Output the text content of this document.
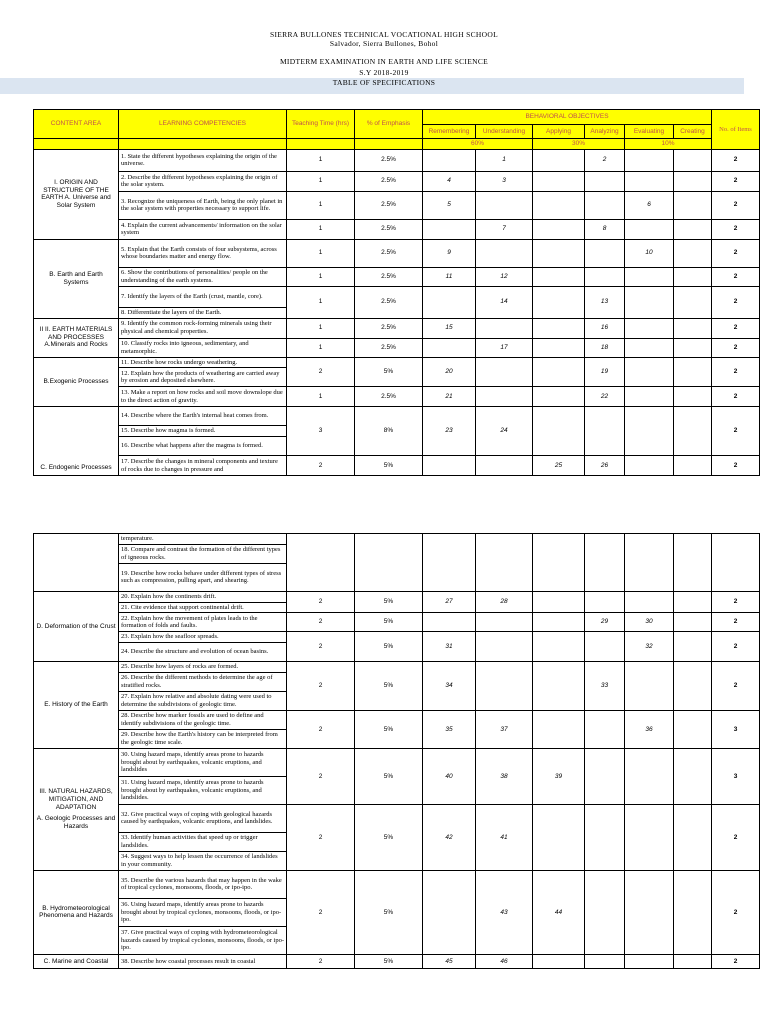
SIERRA BULLONES TECHNICAL VOCATIONAL HIGH SCHOOL
Salvador, Sierra Bullones, Bohol
MIDTERM EXAMINATION IN EARTH AND LIFE SCIENCE
S.Y 2018-2019
TABLE OF SPECIFICATIONS
CONTENT AREA	LEARNING COMPETENCIES	Teaching Time (hrs)	% of Emphasis	BEHAVIORAL OBJECTIVES						No. of Items
				Remembering	Understanding	Applying	Analyzing	Evaluating	Creating	
				60%		30%		10%		
I. ORIGIN AND STRUCTURE OF THE EARTH A. Universe and Solar System	1. State the different hypotheses explaining the origin of the universe.	1	2.5%		1		2			2
	2. Describe the different hypotheses explaining the origin of the solar system.	1	2.5%	4	3					2
	3. Recognize the uniqueness of Earth, being the only planet in the solar system with properties necessary to support life.	1	2.5%	5				6		2
	4. Explain the current advancements/ information on the solar system	1	2.5%		7		8			2
B. Earth and Earth Systems	5. Explain that the Earth consists of four subsystems, across whose boundaries matter and energy flow.	1	2.5%	9				10		2
	6. Show the contributions of personalities/ people on the understanding of the earth systems.	1	2.5%	11	12					2
	7. Identify the layers of the Earth (crust, mantle, core).	1	2.5%		14		13			2
	8. Differentiate the layers of the Earth.									
II II. EARTH MATERIALS AND PROCESSES A.Minerals and Rocks	9. Identify the common rock-forming minerals using their physical and chemical properties.	1	2.5%	15			16			2
	10. Classify rocks into igneous, sedimentary, and metamorphic.	1	2.5%		17		18			2
B.Exogenic Processes	11. Describe how rocks undergo weathering.	2	5%	20			19			2
	12. Explain how the products of weathering are carried away by erosion and deposited elsewhere.									
	13. Make a report on how rocks and soil move downslope due to the direct action of gravity.	1	2.5%	21			22			2
C. Endogenic Processes	14. Describe where the Earth's internal heat comes from.	3	8%	23	24					2
	15. Describe how magma is formed.									
	16. Describe what happens after the magma is formed.									
	17. Describe the changes in mineral components and texture of rocks due to changes in pressure and	2	5%			25	26			2
	temperature.									
	18. Compare and contrast the formation of the different types of igneous rocks.									
	19. Describe how rocks behave under different types of stress such as compression, pulling apart, and shearing.									
D. Deformation of the Crust	20. Explain how the continents drift.	2	5%	27	28					2
	21. Cite evidence that support continental drift.									
	22. Explain how the movement of plates leads to the formation of folds and faults.	2	5%				29	30		2
	23. Explain how the seafloor spreads.	2	5%	31				32		2
	24. Describe the structure and evolution of ocean basins.									
E. History of the Earth	25. Describe how layers of rocks are formed.	2	5%	34			33			2
	26. Describe the different methods to determine the age of stratified rocks.									
	27. Explain how relative and absolute dating were used to determine the subdivisions of geologic time.									
	28. Describe how marker fossils are used to define and identify subdivisions of the geologic time.	2	5%	35	37			36		3
	29. Describe how the Earth's history can be interpreted from the geologic time scale.									

III. NATURAL HAZARDS, MITIGATION, AND ADAPTATION
A. Geologic Processes and Hazards	30. Using hazard maps, identify areas prone to hazards brought about by earthquakes, volcanic eruptions, and landslides	2	5%	40	38	39				3
	31. Using hazard maps, identify areas prone to hazards brought about by earthquakes, volcanic eruptions, and landslides.									
	32. Give practical ways of coping with geological hazards caused by earthquakes, volcanic eruptions, and landslides.	2	5%	42	41					2
	33. Identify human activities that speed up or trigger landslides.									
	34. Suggest ways to help lessen the occurrence of landslides in your community.									
B. Hydrometeorological Phenomena and Hazards	35. Describe the various hazards that may happen in the wake of tropical cyclones, monsoons, floods, or ipo-ipo.	2	5%		43	44				2
	36. Using hazard maps, identify areas prone to hazards brought about by tropical cyclones, monsoons, floods, or ipo-ipo.									
	37. Give practical ways of coping with hydrometeorological hazards caused by tropical cyclones, monsoons, floods, or ipo-ipo.									
C. Marine and Coastal	38. Describe how coastal processes result in coastal	2	5%	45	46					2
